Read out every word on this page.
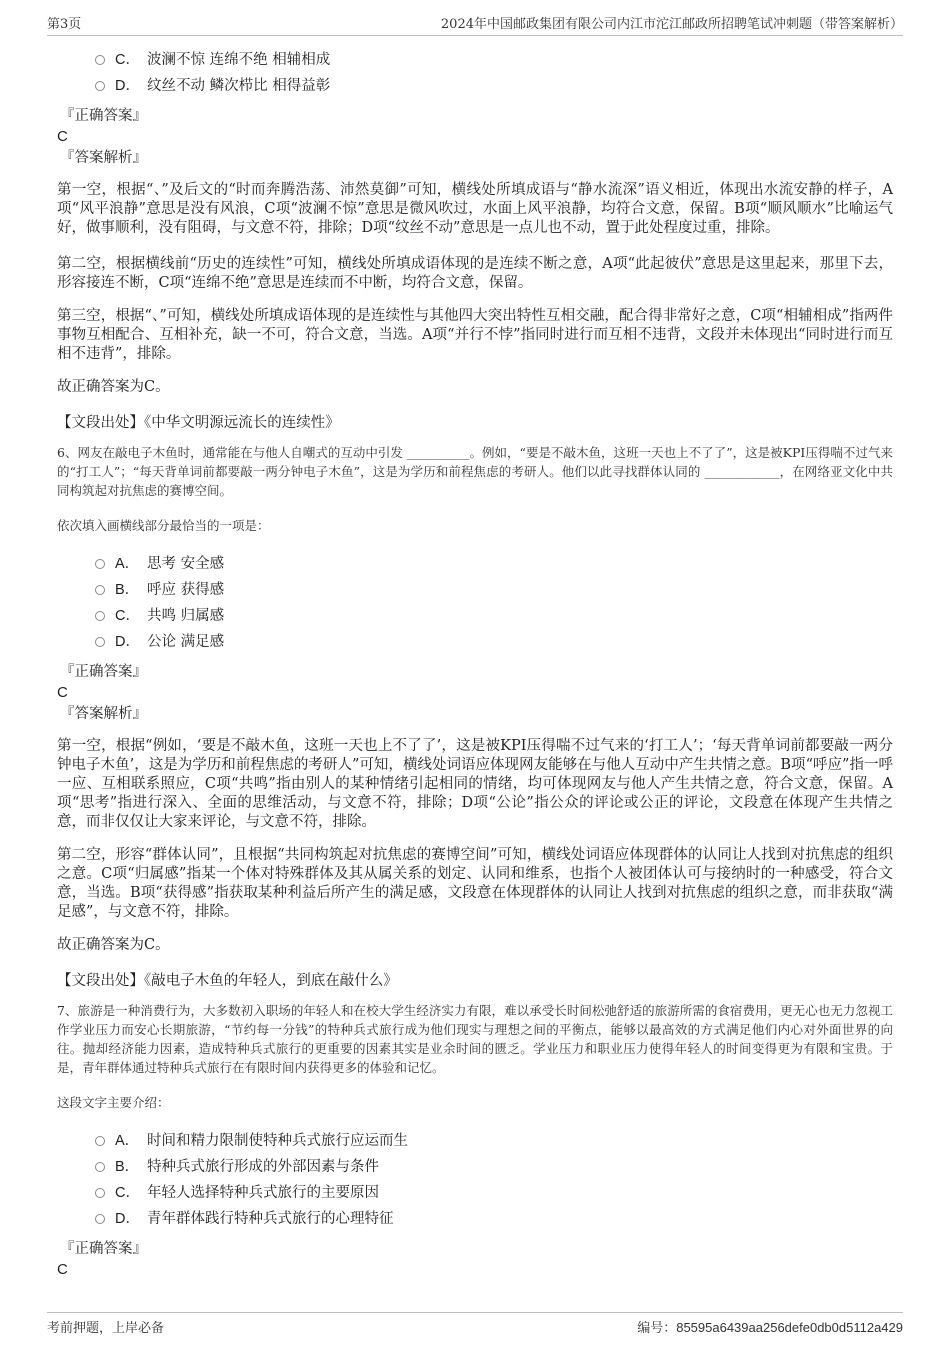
第3页	2024年中国邮政集团有限公司内江市沱江邮政所招聘笔试冲刺题（带答案解析）
C． 波澜不惊 连绵不绝 相辅相成
D． 纹丝不动 鳞次栉比 相得益彰
『正确答案』
C
『答案解析』

第一空，根据“、”及后文的“时而奔腾浩荡、沛然莫御”可知，横线处所填成语与“静水流深”语义相近，体现出水流安静的样子，A项“风平浪静”意思是没有风浪，C项“波澜不惊”意思是微风吹过，水面上风平浪静，均符合文意，保留。B项“顺风顺水”比喻运气好，做事顺利，没有阻碍，与文意不符，排除；D项“纹丝不动”意思是一点儿也不动，置于此处程度过重，排除。

第二空，根据横线前“历史的连续性”可知，横线处所填成语体现的是连续不断之意，A项“此起彼伏”意思是这里起来，那里下去，形容接连不断，C项“连绵不绝”意思是连续而不中断，均符合文意，保留。

第三空，根据“、”可知，横线处所填成语体现的是连续性与其他四大突出特性互相交融，配合得非常好之意，C项“相辅相成”指两件事物互相配合、互相补充，缺一不可，符合文意，当选。A项“并行不悖”指同时进行而互相不违背，文段并未体现出“同时进行而互相不违背”，排除。

故正确答案为C。

【文段出处】《中华文明源远流长的连续性》

6、网友在敲电子木鱼时，通常能在与他人自嘲式的互动中引发 __________。例如，“要是不敲木鱼，这班一天也上不了了”，这是被KPI压得喘不过气来的“打工人”；“每天背单词前都要敲一两分钟电子木鱼”，这是为学历和前程焦虑的考研人。他们以此寻找群体认同的 ____________，在网络亚文化中共同构筑起对抗焦虑的赛博空间。

依次填入画横线部分最恰当的一项是：

A． 思考 安全感
B． 呼应 获得感
C． 共鸣 归属感
D． 公论 满足感
『正确答案』
C
『答案解析』

第一空，根据“例如，‘要是不敲木鱼，这班一天也上不了了’，这是被KPI压得喘不过气来的‘打工人’；‘每天背单词前都要敲一两分钟电子木鱼’，这是为学历和前程焦虑的考研人”可知，横线处词语应体现网友能够在与他人互动中产生共情之意。B项“呼应”指一呼一应、互相联系照应，C项“共鸣”指由别人的某种情绪引起相同的情绪，均可体现网友与他人产生共情之意，符合文意，保留。A项“思考”指进行深入、全面的思维活动，与文意不符，排除；D项“公论”指公众的评论或公正的评论，文段意在体现产生共情之意，而非仅仅让大家来评论，与文意不符，排除。

第二空，形容“群体认同”，且根据“共同构筑起对抗焦虑的赛博空间”可知，横线处词语应体现群体的认同让人找到对抗焦虑的组织之意。C项“归属感”指某一个体对特殊群体及其从属关系的划定、认同和维系，也指个人被团体认可与接纳时的一种感受，符合文意，当选。B项“获得感”指获取某种利益后所产生的满足感，文段意在体现群体的认同让人找到对抗焦虑的组织之意，而非获取“满足感”，与文意不符，排除。

故正确答案为C。

【文段出处】《敲电子木鱼的年轻人，到底在敲什么》

7、旅游是一种消费行为，大多数初入职场的年轻人和在校大学生经济实力有限，难以承受长时间松弛舒适的旅游所需的食宿费用，更无心也无力忽视工作学业压力而安心长期旅游，“节约每一分钱”的特种兵式旅行成为他们现实与理想之间的平衡点，能够以最高效的方式满足他们内心对外面世界的向往。抛却经济能力因素，造成特种兵式旅行的更重要的因素其实是业余时间的匮乏。学业压力和职业压力使得年轻人的时间变得更为有限和宝贵。于是，青年群体通过特种兵式旅行在有限时间内获得更多的体验和记忆。

这段文字主要介绍：

A． 时间和精力限制使特种兵式旅行应运而生
B． 特种兵式旅行形成的外部因素与条件
C． 年轻人选择特种兵式旅行的主要原因
D． 青年群体践行特种兵式旅行的心理特征
『正确答案』
C
考前押题，上岸必备	编号：85595a6439aa256defe0db0d5112a429
